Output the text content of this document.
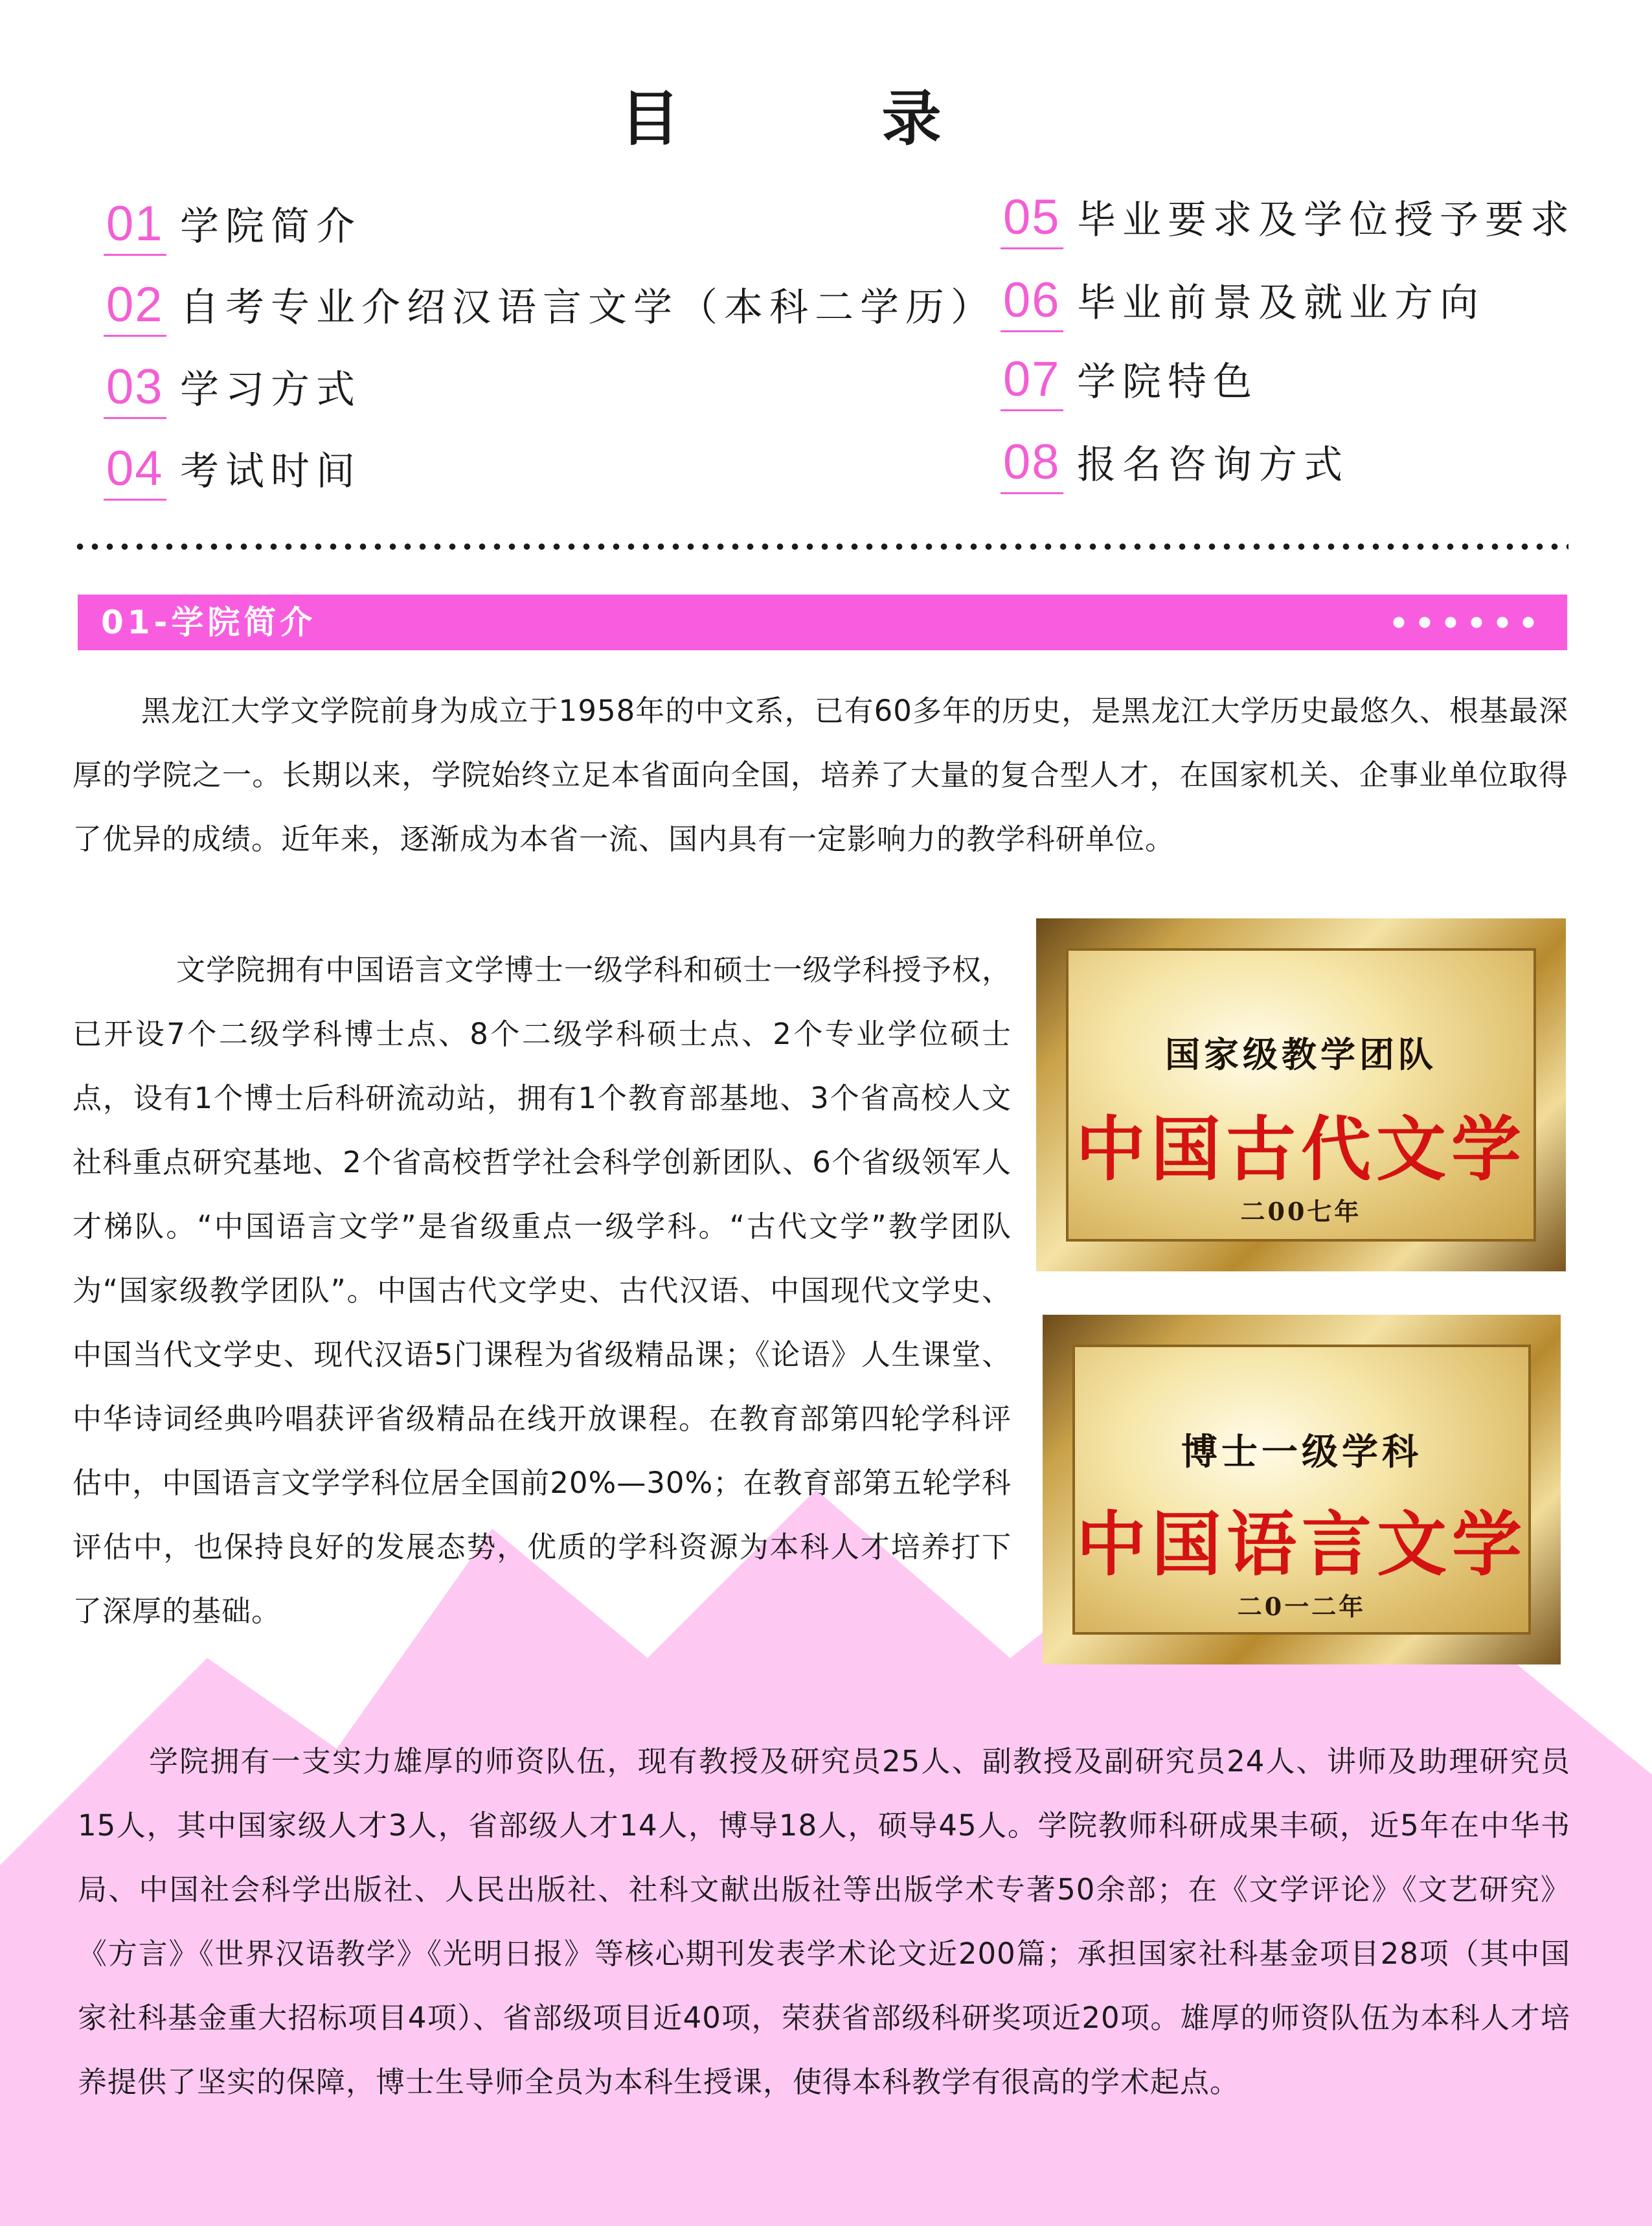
目 录
01 学院简介
02 自考专业介绍汉语言文学（本科二学历）
03 学习方式
04 考试时间
05 毕业要求及学位授予要求
06 毕业前景及就业方向
07 学院特色
08 报名咨询方式
01-学院简介
黑龙江大学文学院前身为成立于1958年的中文系，已有60多年的历史，是黑龙江大学历史最悠久、根基最深厚的学院之一。长期以来，学院始终立足本省面向全国，培养了大量的复合型人才，在国家机关、企事业单位取得了优异的成绩。近年来，逐渐成为本省一流、国内具有一定影响力的教学科研单位。
文学院拥有中国语言文学博士一级学科和硕士一级学科授予权，已开设7个二级学科博士点、8个二级学科硕士点、2个专业学位硕士点，设有1个博士后科研流动站，拥有1个教育部基地、3个省高校人文社科重点研究基地、2个省高校哲学社会科学创新团队、6个省级领军人才梯队。“中国语言文学”是省级重点一级学科。“古代文学”教学团队为“国家级教学团队”。中国古代文学史、古代汉语、中国现代文学史、中国当代文学史、现代汉语5门课程为省级精品课；《论语》人生课堂、中华诗词经典吟唱获评省级精品在线开放课程。在教育部第四轮学科评估中，中国语言文学学科位居全国前20%—30%；在教育部第五轮学科评估中，也保持良好的发展态势，优质的学科资源为本科人才培养打下了深厚的基础。
学院拥有一支实力雄厚的师资队伍，现有教授及研究员25人、副教授及副研究员24人、讲师及助理研究员15人，其中国家级人才3人，省部级人才14人，博导18人，硕导45人。学院教师科研成果丰硕，近5年在中华书局、中国社会科学出版社、人民出版社、社科文献出版社等出版学术专著50余部；在《文学评论》《文艺研究》《方言》《世界汉语教学》《光明日报》等核心期刊发表学术论文近200篇；承担国家社科基金项目28项（其中国家社科基金重大招标项目4项）、省部级项目近40项，荣获省部级科研奖项近20项。雄厚的师资队伍为本科人才培养提供了坚实的保障，博士生导师全员为本科生授课，使得本科教学有很高的学术起点。
国家级教学团队
中国古代文学
二00七年
博士一级学科
中国语言文学
二0一二年
